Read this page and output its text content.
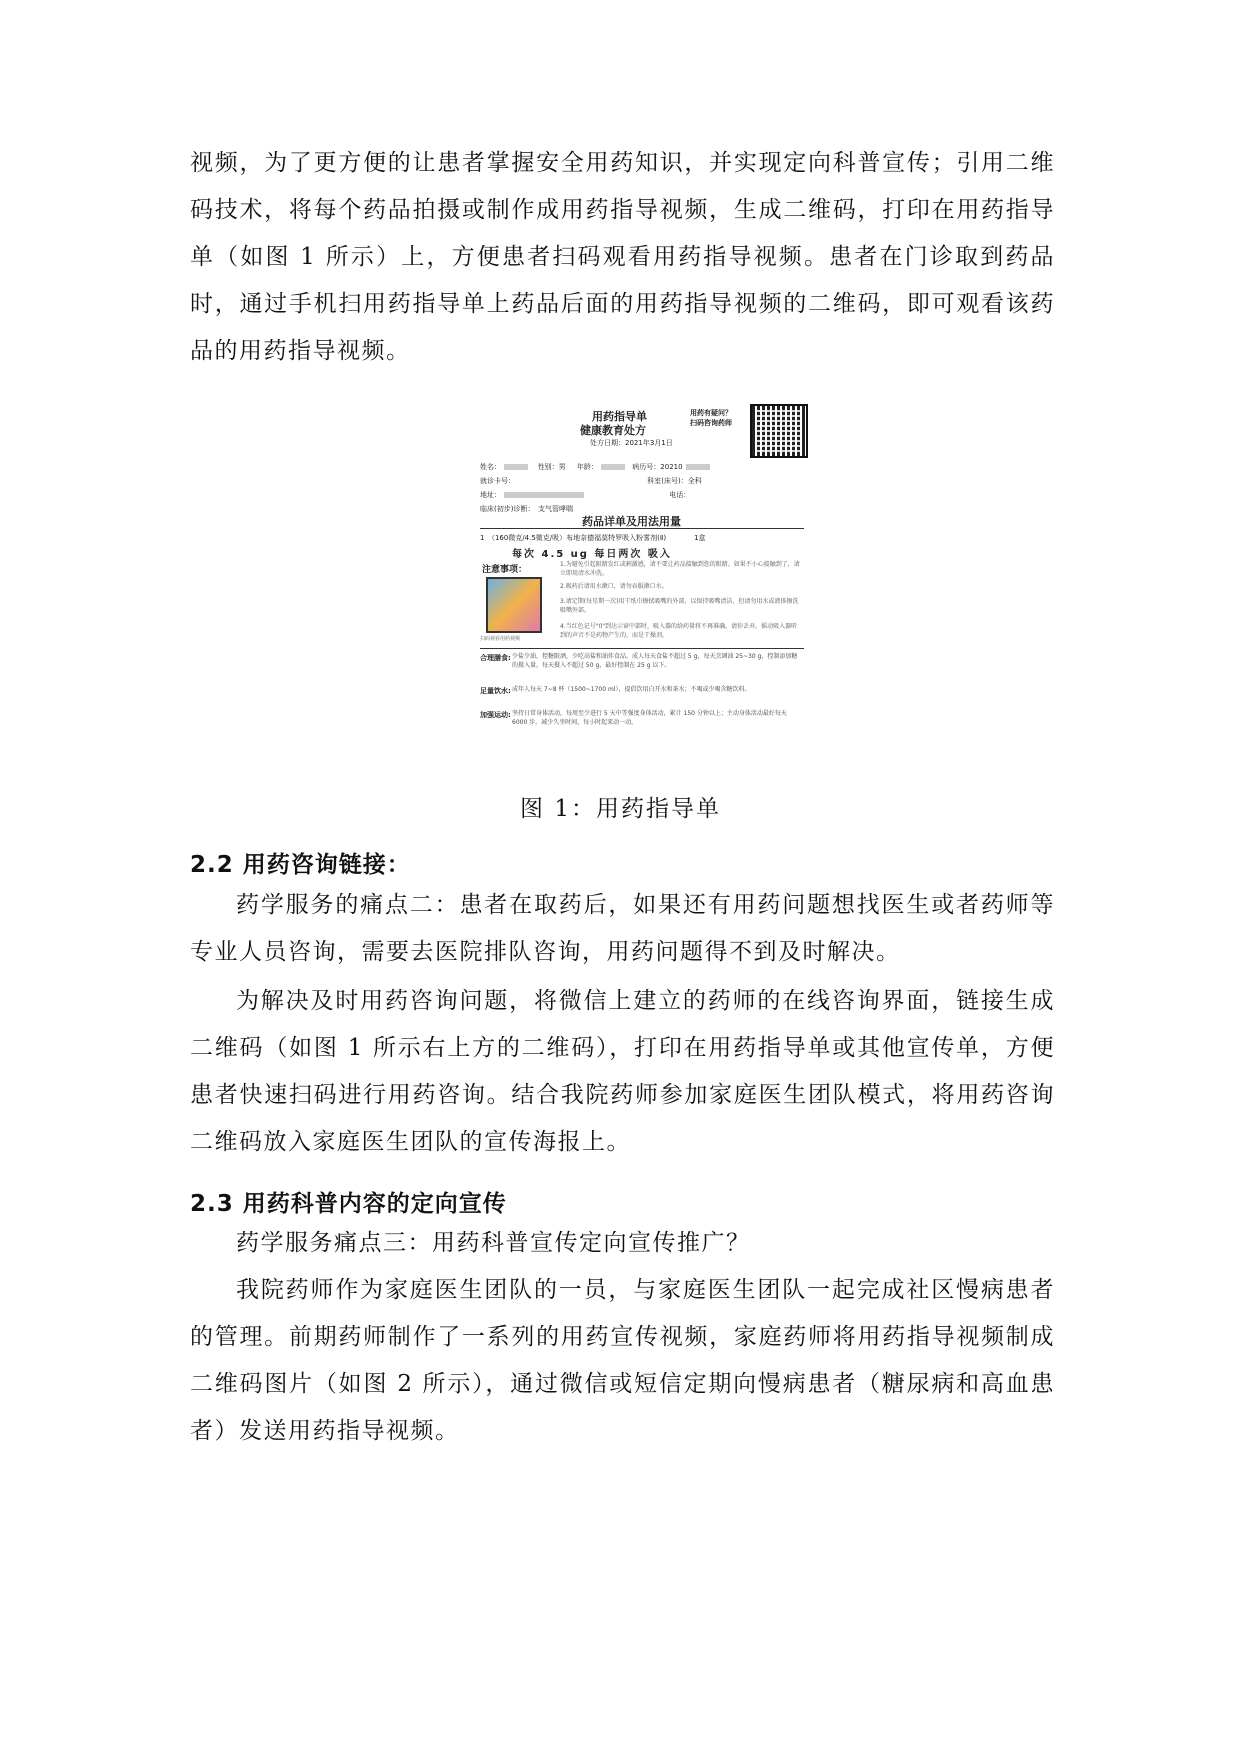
视频，为了更方便的让患者掌握安全用药知识，并实现定向科普宣传；引用二维码技术，将每个药品拍摄或制作成用药指导视频，生成二维码，打印在用药指导单（如图 1 所示）上，方便患者扫码观看用药指导视频。患者在门诊取到药品时，通过手机扫用药指导单上药品后面的用药指导视频的二维码，即可观看该药品的用药指导视频。

用药指导单
健康教育处方
处方日期：2021年3月1日
用药有疑问？
扫码咨询药师
姓名：	性别：男 年龄：	病历号：20210
就诊卡号：	科室(床号)：全科
地址：	电话：
临床(初步)诊断：　支气管哮喘
药品详单及用法用量
1　（160微克/4.5微克/吸）布地奈德福莫特罗吸入粉雾剂(Ⅱ)　　　　1盒
每次 4.5 ug 每日两次 吸入
注意事项：
1.为避免引起眼睛发红或刺激感，请不要让药品接触到您的眼睛。如果不小心接触到了，请立即用清水冲洗。
2.吸药后请用水漱口，请勿吞服漱口水。
3.请定期(每星期一次)用干纸巾擦拭吸嘴的外部，以保持吸嘴清洁，但请勿用水或液体擦洗吸嘴外部。
4.当红色记号"0"到达示窗中部时，吸入器的给药量将不再准确，请你丢弃。摇动吸入器听到的声音不是药物产生的，而是干燥剂。
扫码观看用药视频
合理膳食: 少盐少油，控糖限酒，少吃高盐和油炸食品。成人每天食盐不超过 5 g，每天烹调油 25~30 g，控制添加糖的摄入量，每天摄入不超过 50 g，最好控制在 25 g 以下。
足量饮水: 成年人每天 7~8 杯（1500~1700 ml），提倡饮用白开水和茶水；不喝或少喝含糖饮料。
加强运动: 坚持日常身体活动，每周至少进行 5 天中等强度身体活动，累计 150 分钟以上；主动身体活动最好每天 6000 步。减少久坐时间，每小时起来动一动。

图 1：用药指导单

2.2 用药咨询链接：

药学服务的痛点二：患者在取药后，如果还有用药问题想找医生或者药师等专业人员咨询，需要去医院排队咨询，用药问题得不到及时解决。

为解决及时用药咨询问题，将微信上建立的药师的在线咨询界面，链接生成二维码（如图 1 所示右上方的二维码），打印在用药指导单或其他宣传单，方便患者快速扫码进行用药咨询。结合我院药师参加家庭医生团队模式，将用药咨询二维码放入家庭医生团队的宣传海报上。

2.3 用药科普内容的定向宣传

药学服务痛点三：用药科普宣传定向宣传推广？

我院药师作为家庭医生团队的一员，与家庭医生团队一起完成社区慢病患者的管理。前期药师制作了一系列的用药宣传视频，家庭药师将用药指导视频制成二维码图片（如图 2 所示），通过微信或短信定期向慢病患者（糖尿病和高血患者）发送用药指导视频。
